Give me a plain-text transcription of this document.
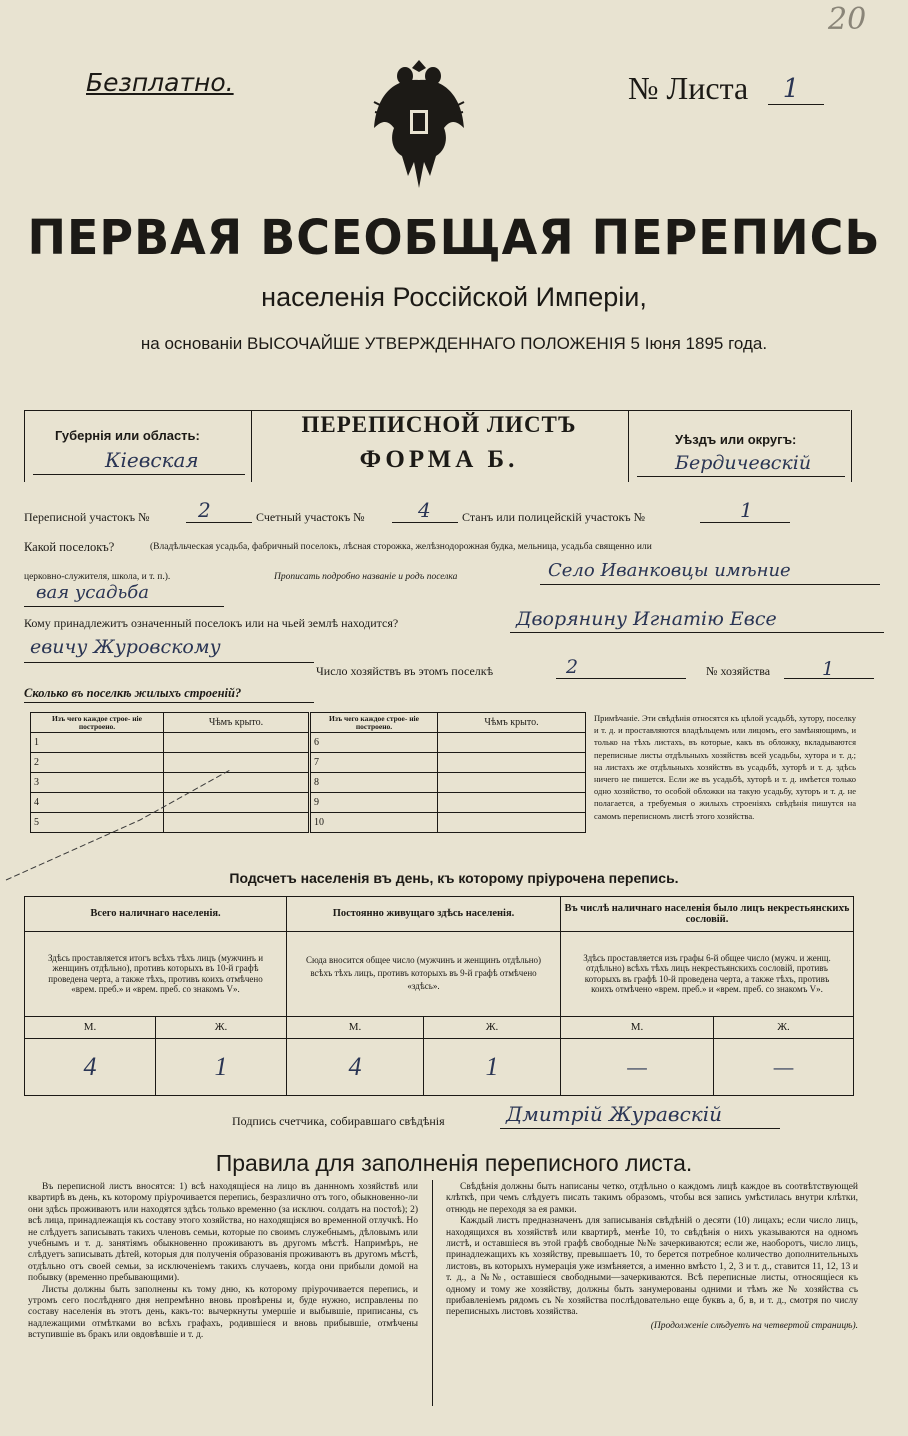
20
Безплатно.	№ Листа	1
ПЕРВАЯ ВСЕОБЩАЯ ПЕРЕПИСЬ
населенія Россійской Имперіи,
на основаніи ВЫСОЧАЙШЕ УТВЕРЖДЕННАГО ПОЛОЖЕНІЯ 5 Іюня 1895 года.
Губернія или область:
Кіевская
ПЕРЕПИСНОЙ ЛИСТЪ
ФОРМА Б.
Уѣздъ или округъ:
Бердичевскій
Переписной участокъ № 2	Счетный участокъ №	4	Станъ или полицейскій участокъ №	1
Какой поселокъ?	(Владѣльческая усадьба, фабричный поселокъ, лѣсная сторожка, желѣзнодорожная будка, мельница, усадьба священно или
церковно-служителя, школа, и т. п.).	Прописать подробно названіе и родъ поселка	Село Иванковцы имѣние
вая усадьба
Кому принадлежитъ означенный поселокъ или на чьей землѣ находится?	Дворянину Игнатію Евсе
евичу Журовскому
Число хозяйствъ въ этомъ поселкѣ	2	№ хозяйства	1
Сколько въ поселкѣ жилыхъ строеній?
Изъ чего каждое строе- ніе построено.	Чѣмъ крыто.	Изъ чего каждое строе- ніе построено.	Чѣмъ крыто.
1		6	
2		7	
3		8	
4		9	
5		10	
Примѣчаніе. Эти свѣдѣнія относятся къ цѣлой усадьбѣ, хутору, поселку и т. д. и проставляются владѣльцемъ или лицомъ, его замѣняющимъ, и только на тѣхъ листахъ, въ которые, какъ въ обложку, вкладываются переписные листы отдѣльныхъ хозяйствъ всей усадьбы, хутора и т. д.; на листахъ же отдѣльныхъ хозяйствъ въ усадьбѣ, хуторѣ и т. д. здѣсь ничего не пишется. Если же въ усадьбѣ, хуторѣ и т. д. имѣется только одно хозяйство, то особой обложки на такую усадьбу, хуторъ и т. д. не полагается, а требуемыя о жилыхъ строеніяхъ свѣдѣнія пишутся на самомъ переписномъ листѣ этого хозяйства.
Подсчетъ населенія въ день, къ которому пріурочена перепись.
Всего наличнаго населенія.		Постоянно живущаго здѣсь населенія.		Въ числѣ наличнаго населенія было лицъ некрестьянскихъ сословій.	
Здѣсь проставляется итогъ всѣхъ тѣхъ лицъ (мужчинъ и женщинъ отдѣльно), противъ которыхъ въ 10-й графѣ проведена черта, а также тѣхъ, противъ коихъ отмѣчено «врем. преб.» и «врем. преб. со знакомъ V».		Сюда вносится общее число (мужчинъ и женщинъ отдѣльно) всѣхъ тѣхъ лицъ, противъ которыхъ въ 9-й графѣ отмѣчено «здѣсь».		Здѣсь проставляется изъ графы 6-й общее число (мужч. и женщ. отдѣльно) всѣхъ тѣхъ лицъ некрестьянскихъ сословій, противъ которыхъ въ графѣ 10-й проведена черта, а также тѣхъ, противъ коихъ отмѣчено «врем. преб.» и «врем. преб. со знакомъ V».	
М.	Ж.	М.	Ж.	М.	Ж.
4	1	4	1	—	—
Подпись счетчика, собиравшаго свѣдѣнія	Дмитрій Журавскій
Правила для заполненія переписного листа.
Въ переписной листъ вносятся: 1) всѣ находящіеся на лицо въ даннномъ хозяйствѣ или квартирѣ въ день, къ которому пріурочивается перепись, безразлично отъ того, обыкновенно-ли они здѣсь проживаютъ или находятся здѣсь только временно (за исключ. солдатъ на постоѣ); 2) всѣ лица, принадлежащія къ составу этого хозяйства, но находящіяся во временной отлучкѣ. Но не слѣдуетъ записывать такихъ членовъ семьи, которые по своимъ служебнымъ, дѣловымъ или учебнымъ и т. д. занятіямъ обыкновенно проживаютъ въ другомъ мѣстѣ. Напримѣръ, не слѣдуетъ записывать дѣтей, которыя для полученія образованія проживаютъ въ другомъ мѣстѣ, отдѣльно отъ своей семьи, за исключеніемъ такихъ случаевъ, когда они прибыли домой на побывку (временно пребывающими).
Листы должны быть заполнены къ тому дню, къ которому пріурочивается перепись, и утромъ сего послѣдняго дня непремѣнно вновь провѣрены и, буде нужно, исправлены по составу населенія въ этотъ день, какъ-то: вычеркнуты умершіе и выбывшіе, приписаны, съ надлежащими отмѣтками во всѣхъ графахъ, родившіеся и вновь прибывшіе, отмѣчены вступившіе въ бракъ или овдовѣвшіе и т. д.
Свѣдѣнія должны быть написаны четко, отдѣльно о каждомъ лицѣ каждое въ соотвѣтствующей клѣткѣ, при чемъ слѣдуетъ писать такимъ образомъ, чтобы вся запись умѣстилась внутри клѣтки, отнюдь не переходя за ея рамки.
Каждый листъ предназначенъ для записыванія свѣдѣній о десяти (10) лицахъ; если число лицъ, находящихся въ хозяйствѣ или квартирѣ, менѣе 10, то свѣдѣнія о нихъ указываются на одномъ листѣ, и оставшіеся въ этой графѣ свободные №№ зачеркиваются; если же, наоборотъ, число лицъ, принадлежащихъ къ хозяйству, превышаетъ 10, то берется потребное количество дополнительныхъ листовъ, въ которыхъ нумерація уже измѣняется, а именно вмѣсто 1, 2, 3 и т. д., ставится 11, 12, 13 и т. д., а №№, оставшіеся свободными—зачеркиваются. Всѣ переписные листы, относящіеся къ одному и тому же хозяйству, должны быть занумерованы одними и тѣмъ же № хозяйства съ прибавленіемъ рядомъ съ № хозяйства послѣдовательно еще буквъ а, б, в, и т. д., смотря по числу переписныхъ листовъ хозяйства.
(Продолженіе слѣдуетъ на четвертой страницѣ).
